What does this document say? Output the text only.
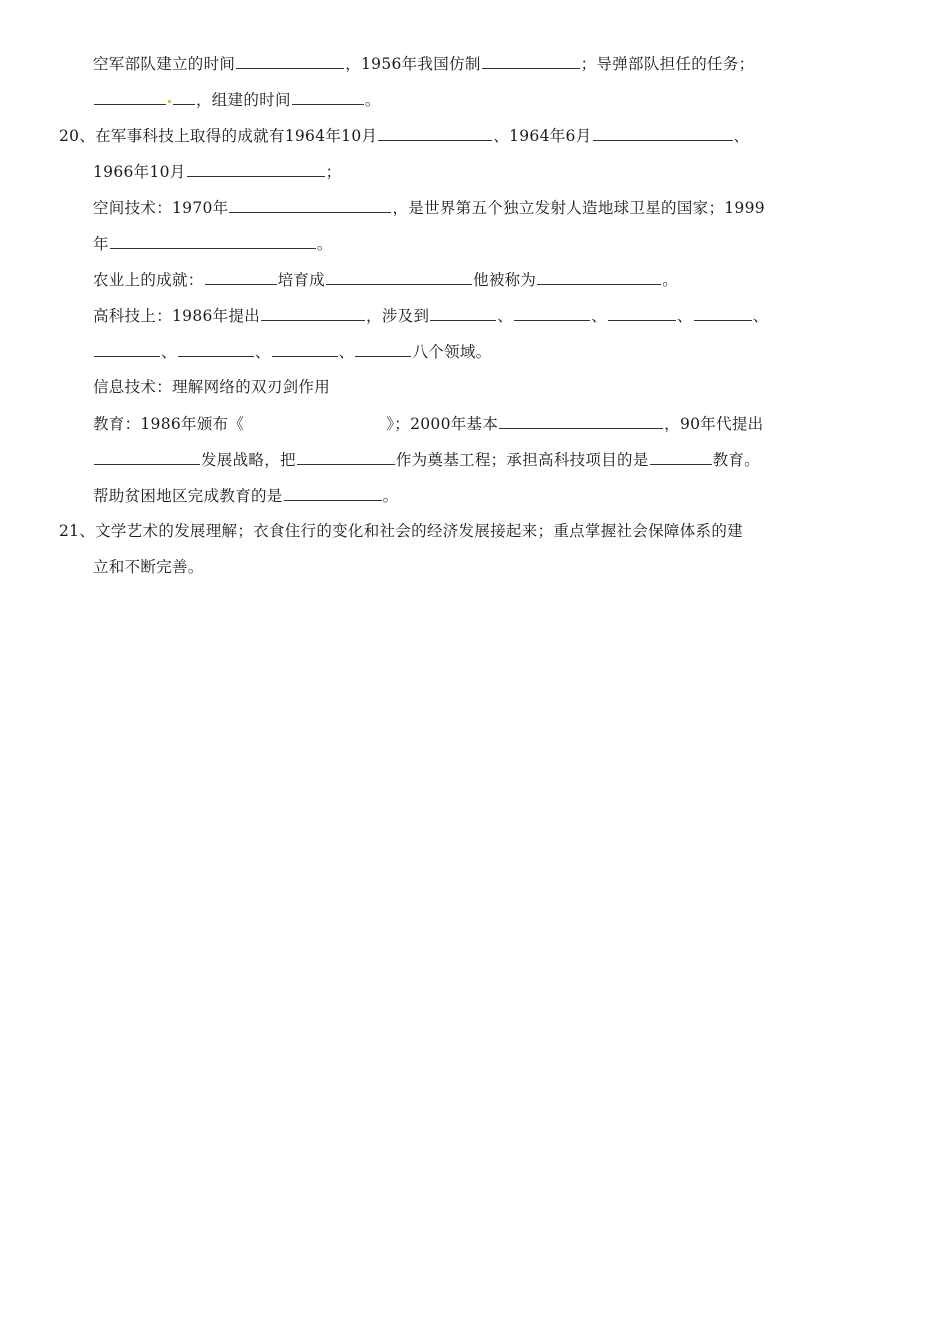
空军部队建立的时间	，1956年我国仿制	；导弹部队担任的任务；
，组建的时间	。
20、在军事科技上取得的成就有1964年10月	、1964年6月	、
1966年10月	；
空间技术：1970年	，是世界第五个独立发射人造地球卫星的国家；1999
年	。
农业上的成就：	培育成	他被称为	。
高科技上：1986年提出	，涉及到	、	、	、	、
、	、	、	八个领域。
信息技术：理解网络的双刃剑作用
教育：1986年颁布《	》；2000年基本	，90年代提出
发展战略，把	作为奠基工程；承担高科技项目的是	教育。
帮助贫困地区完成教育的是	。
21、文学艺术的发展理解；衣食住行的变化和社会的经济发展接起来；重点掌握社会保障体系的建
立和不断完善。
